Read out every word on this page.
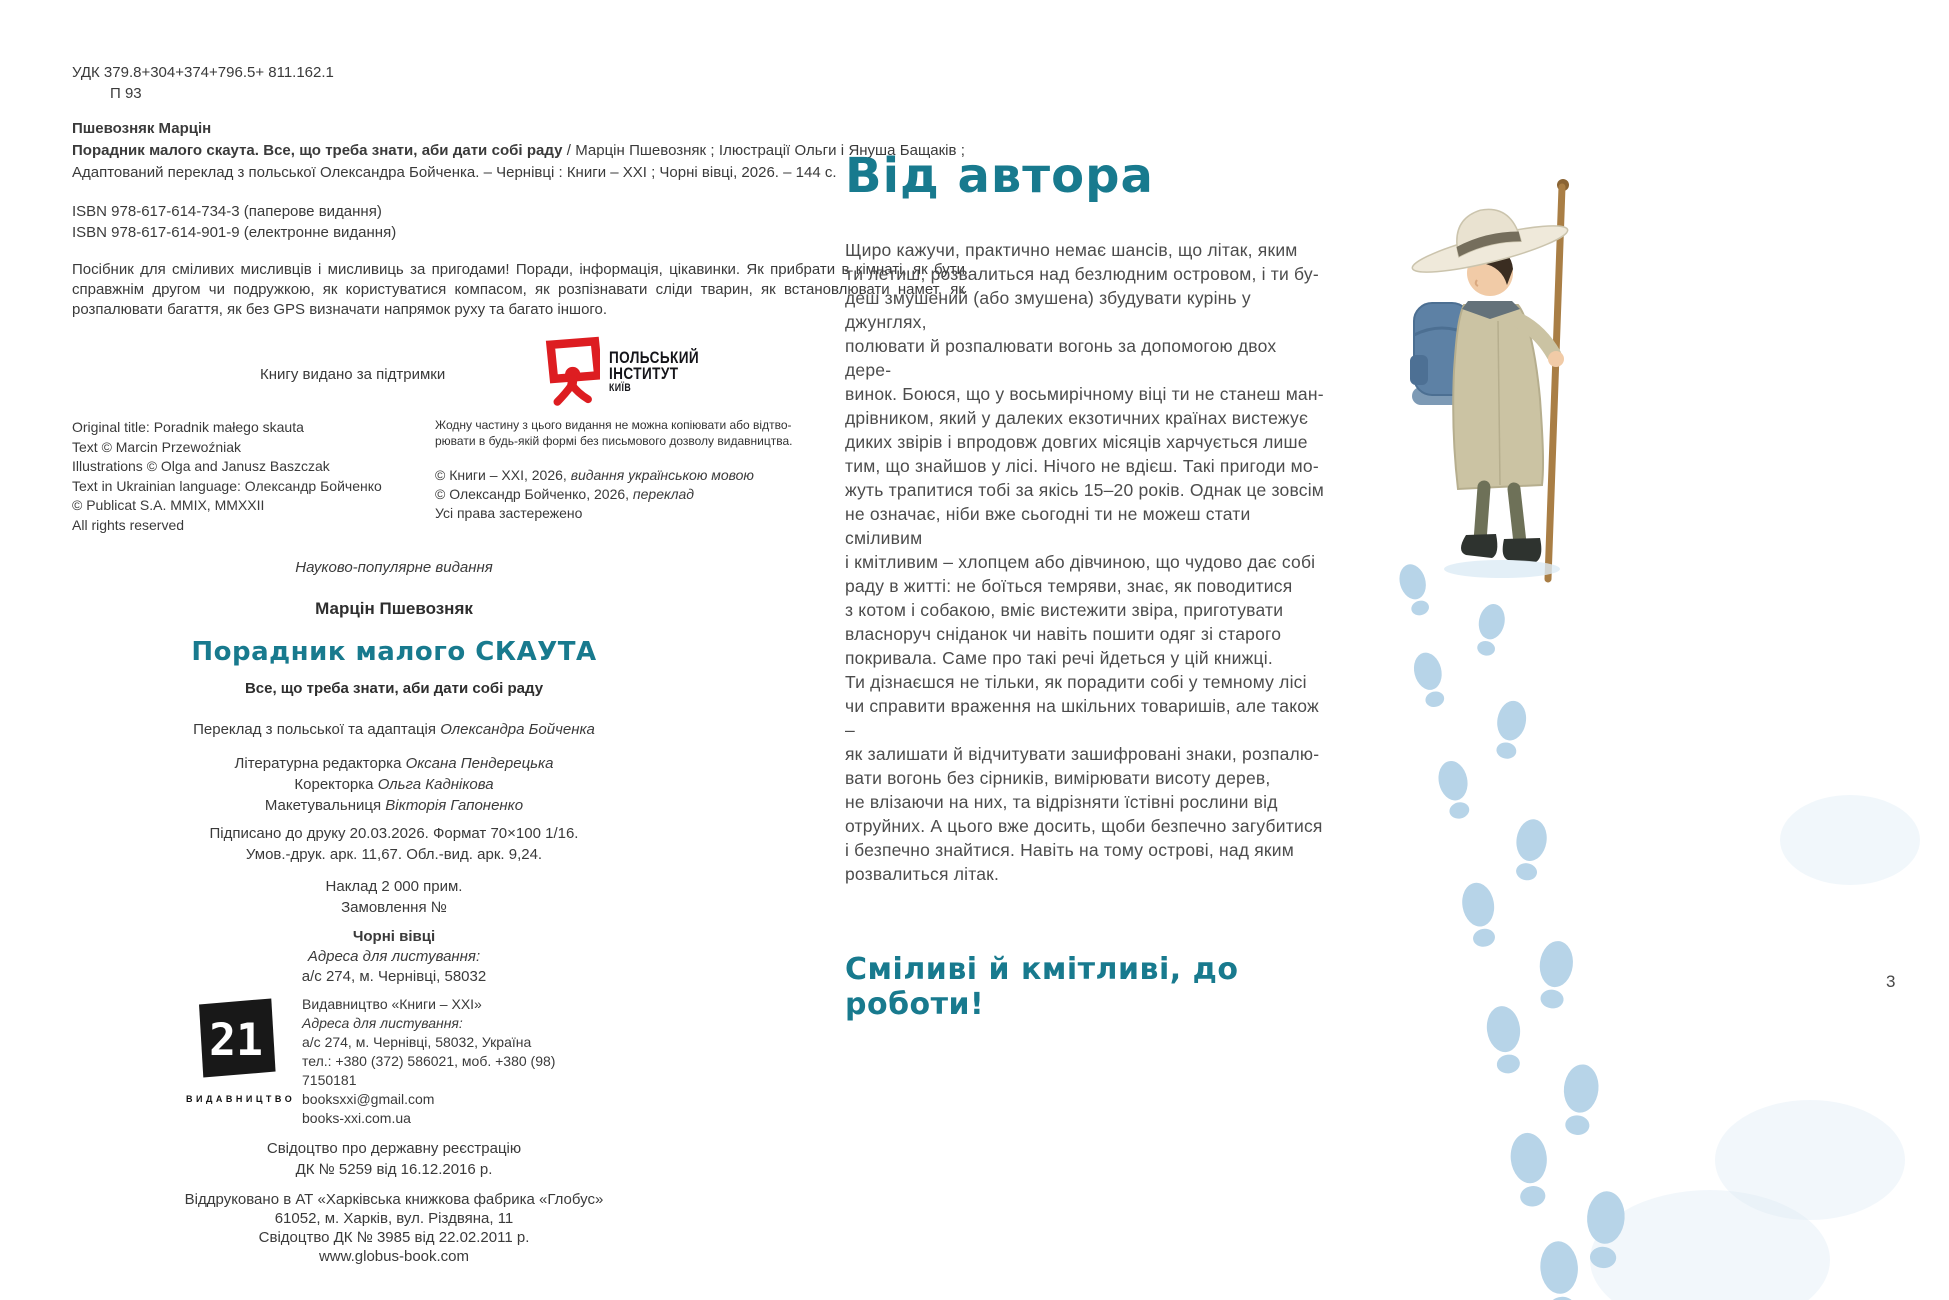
УДК 379.8+304+374+796.5+ 811.162.1
П 93
Пшевозняк Марцін
Порадник малого скаута. Все, що треба знати, аби дати собі раду / Марцін Пшевозняк ; Ілюстрації Ольги і Януша Бащаків ; Адаптований переклад з польської Олександра Бойченка. – Чернівці : Книги – XXI ; Чорні вівці, 2026. – 144 с.
ISBN 978-617-614-734-3 (паперове видання)
ISBN 978-617-614-901-9 (електронне видання)
Посібник для сміливих мисливців і мисливиць за пригодами! Поради, інформація, цікавинки. Як прибрати в кімнаті, як бути справжнім другом чи подружкою, як користуватися компасом, як розпізнавати сліди тварин, як встановлювати намет, як розпалювати багаття, як без GPS визначати напрямок руху та багато іншого.
Книгу видано за підтримки
ПОЛЬСЬКИЙ
ІНСТИТУТ
КИЇВ
Original title: Poradnik małego skauta
Text © Marcin Przewoźniak
Illustrations © Olga and Janusz Baszczak
Text in Ukrainian language: Олександр Бойченко
© Publicat S.A. MMIX, MMXXII
All rights reserved
Жодну частину з цього видання не можна копіювати або відтво-
рювати в будь-якій формі без письмового дозволу видавництва.
© Книги – XXI, 2026, видання українською мовою
© Олександр Бойченко, 2026, переклад
Усі права застережено
Науково-популярне видання
Марцін Пшевозняк
Порадник малого СКАУТА
Все, що треба знати, аби дати собі раду
Переклад з польської та адаптація Олександра Бойченка
Літературна редакторка Оксана Пендерецька
Коректорка Ольга Каднікова
Макетувальниця Вікторія Гапоненко
Підписано до друку 20.03.2026. Формат 70×100 1/16.
Умов.-друк. арк. 11,67. Обл.-вид. арк. 9,24.
Наклад 2 000 прим.
Замовлення №
Чорні вівці
Адреса для листування:
а/с 274, м. Чернівці, 58032
21
ВИДАВНИЦТВО
Видавництво «Книги – XXI»
Адреса для листування:
а/с 274, м. Чернівці, 58032, Україна
тел.: +380 (372) 586021, моб. +380 (98) 7150181
booksxxi@gmail.com
books-xxi.com.ua
Свідоцтво про державну реєстрацію
ДК № 5259 від 16.12.2016 р.
Віддруковано в АТ «Харківська книжкова фабрика «Глобус»
61052, м. Харків, вул. Різдвяна, 11
Свідоцтво ДК № 3985 від 22.02.2011 р.
www.globus-book.com
Від автора
Щиро кажучи, практично немає шансів, що літак, яким
ти летиш, розвалиться над безлюдним островом, і ти бу-
деш змушений (або змушена) збудувати курінь у джунглях,
полювати й розпалювати вогонь за допомогою двох дере-
винок. Боюся, що у восьмирічному віці ти не станеш ман-
дрівником, який у далеких екзотичних країнах вистежує
диких звірів і впродовж довгих місяців харчується лише
тим, що знайшов у лісі. Нічого не вдієш. Такі пригоди мо-
жуть трапитися тобі за якісь 15–20 років. Однак це зовсім
не означає, ніби вже сьогодні ти не можеш стати сміливим
і кмітливим – хлопцем або дівчиною, що чудово дає собі
раду в житті: не боїться темряви, знає, як поводитися
з котом і собакою, вміє вистежити звіра, приготувати
власноруч сніданок чи навіть пошити одяг зі старого
покривала. Саме про такі речі йдеться у цій книжці.
Ти дізнаєшся не тільки, як порадити собі у темному лісі
чи справити враження на шкільних товаришів, але також –
як залишати й відчитувати зашифровані знаки, розпалю-
вати вогонь без сірників, вимірювати висоту дерев,
не влізаючи на них, та відрізняти їстівні рослини від
отруйних. А цього вже досить, щоби безпечно загубитися
і безпечно знайтися. Навіть на тому острові, над яким
розвалиться літак.
Сміливі й кмітливі, до роботи!
3
